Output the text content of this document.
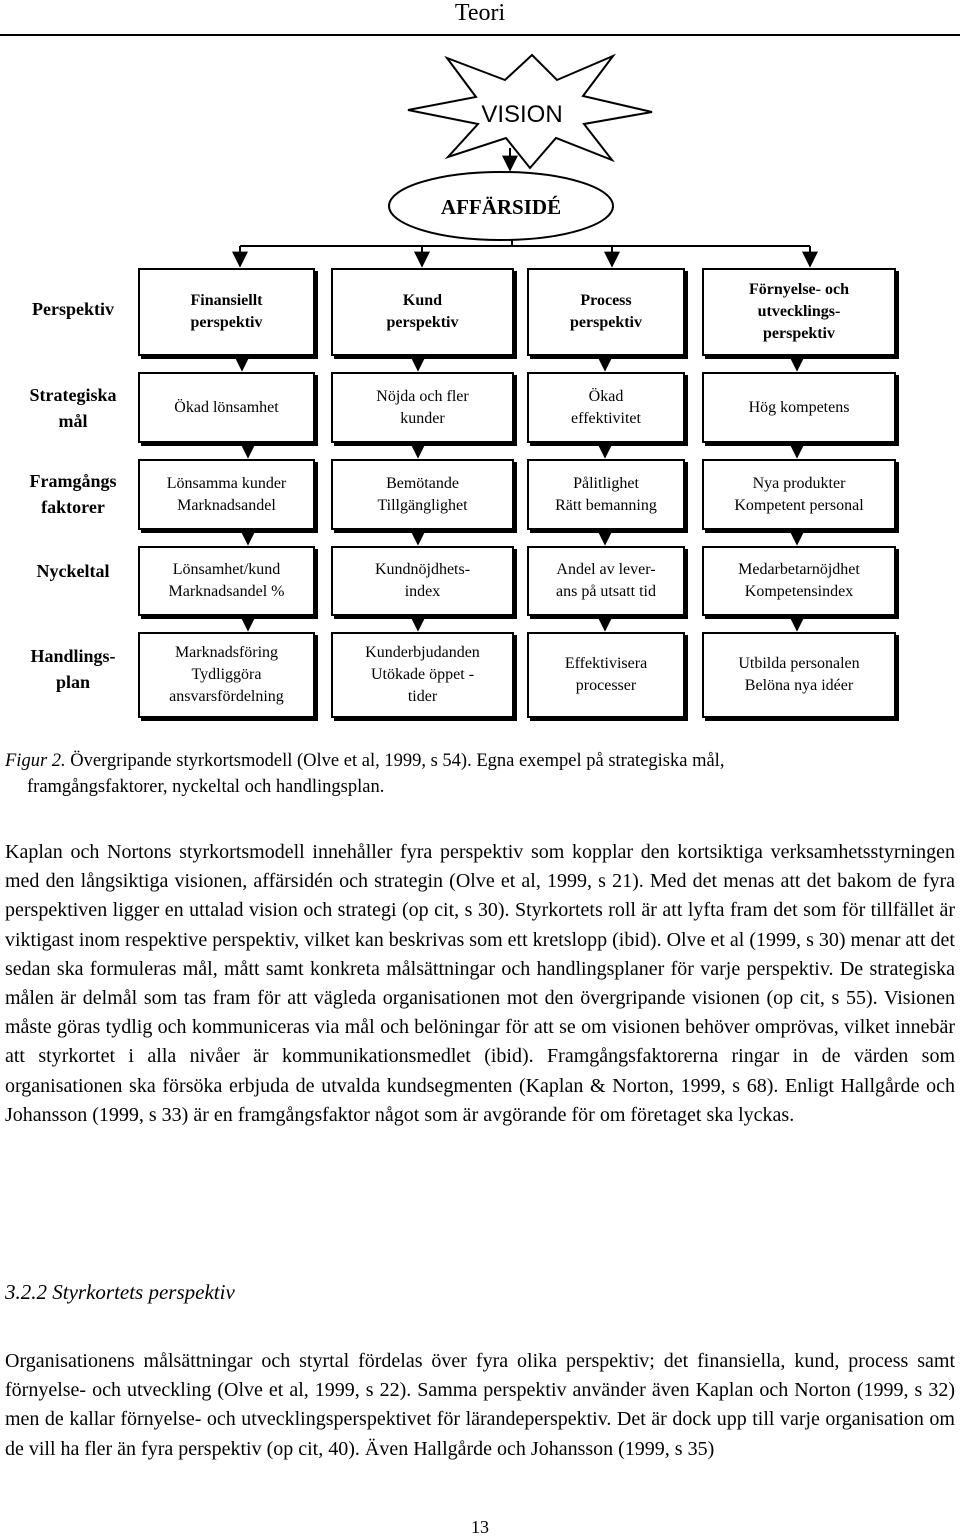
Teori
VISION
AFFÄRSIDÉ
Perspektiv
Strategiska
mål
Framgångs
faktorer
Nyckeltal
Handlings-
plan
Finansiellt
perspektiv
Kund
perspektiv
Process
perspektiv
Förnyelse- och
utvecklings-
perspektiv
Ökad lönsamhet
Nöjda och fler
kunder
Ökad
effektivitet
Hög kompetens
Lönsamma kunder
Marknadsandel
Bemötande
Tillgänglighet
Pålitlighet
Rätt bemanning
Nya produkter
Kompetent personal
Lönsamhet/kund
Marknadsandel %
Kundnöjdhets-
index
Andel av lever-
ans på utsatt tid
Medarbetarnöjdhet
Kompetensindex
Marknadsföring
Tydliggöra
ansvarsfördelning
Kunderbjudanden
Utökade öppet -
tider
Effektivisera
processer
Utbilda personalen
Belöna nya idéer
Figur 2. Övergripande styrkortsmodell (Olve et al, 1999, s 54). Egna exempel på strategiska mål,
framgångsfaktorer, nyckeltal och handlingsplan.

Kaplan och Nortons styrkortsmodell innehåller fyra perspektiv som kopplar den kortsiktiga verksamhetsstyrningen med den långsiktiga visionen, affärsidén och strategin (Olve et al, 1999, s 21). Med det menas att det bakom de fyra perspektiven ligger en uttalad vision och strategi (op cit, s 30). Styrkortets roll är att lyfta fram det som för tillfället är viktigast inom respektive perspektiv, vilket kan beskrivas som ett kretslopp (ibid). Olve et al (1999, s 30) menar att det sedan ska formuleras mål, mått samt konkreta målsättningar och handlingsplaner för varje perspektiv. De strategiska målen är delmål som tas fram för att vägleda organisationen mot den övergripande visionen (op cit, s 55). Visionen måste göras tydlig och kommuniceras via mål och belöningar för att se om visionen behöver omprövas, vilket innebär att styrkortet i alla nivåer är kommunikationsmedlet (ibid). Framgångsfaktorerna ringar in de värden som organisationen ska försöka erbjuda de utvalda kundsegmenten (Kaplan & Norton, 1999, s 68). Enligt Hallgårde och Johansson (1999, s 33) är en framgångsfaktor något som är avgörande för om företaget ska lyckas.

3.2.2 Styrkortets perspektiv

Organisationens målsättningar och styrtal fördelas över fyra olika perspektiv; det finansiella, kund, process samt förnyelse- och utveckling (Olve et al, 1999, s 22). Samma perspektiv använder även Kaplan och Norton (1999, s 32) men de kallar förnyelse- och utvecklingsperspektivet för lärandeperspektiv. Det är dock upp till varje organisation om de vill ha fler än fyra perspektiv (op cit, 40). Även Hallgårde och Johansson (1999, s 35)

13
